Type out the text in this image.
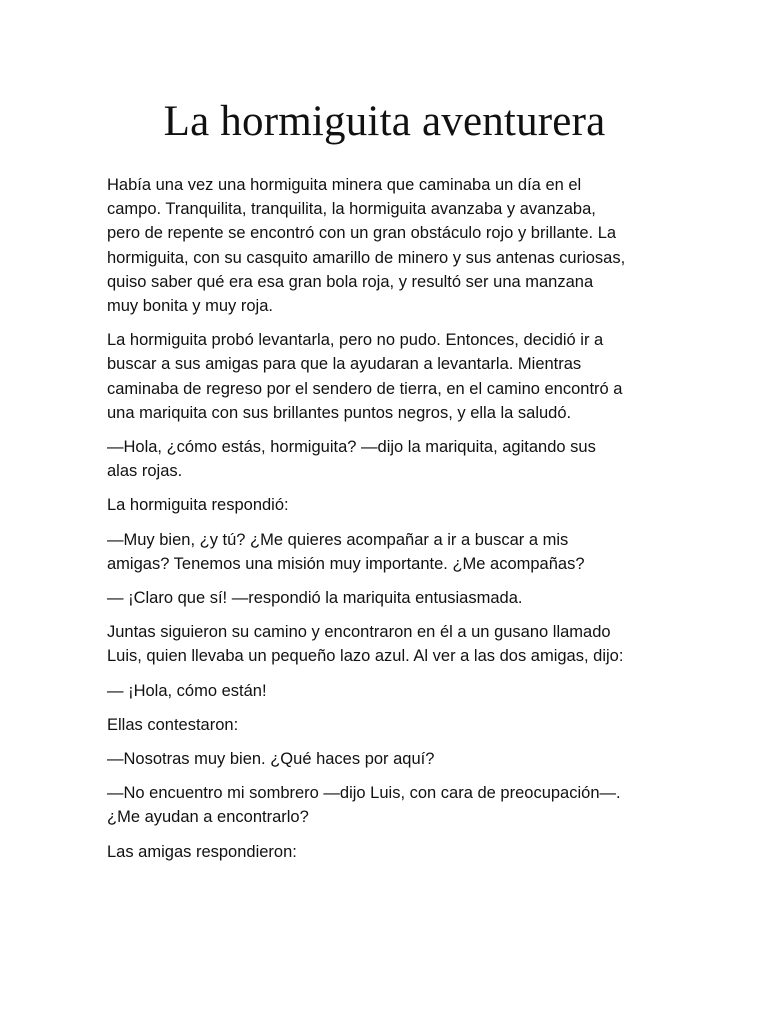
La hormiguita aventurera

Había una vez una hormiguita minera que caminaba un día en el
campo. Tranquilita, tranquilita, la hormiguita avanzaba y avanzaba,
pero de repente se encontró con un gran obstáculo rojo y brillante. La
hormiguita, con su casquito amarillo de minero y sus antenas curiosas,
quiso saber qué era esa gran bola roja, y resultó ser una manzana
muy bonita y muy roja.

La hormiguita probó levantarla, pero no pudo. Entonces, decidió ir a
buscar a sus amigas para que la ayudaran a levantarla. Mientras
caminaba de regreso por el sendero de tierra, en el camino encontró a
una mariquita con sus brillantes puntos negros, y ella la saludó.

—Hola, ¿cómo estás, hormiguita? —dijo la mariquita, agitando sus
alas rojas.

La hormiguita respondió:

—Muy bien, ¿y tú? ¿Me quieres acompañar a ir a buscar a mis
amigas? Tenemos una misión muy importante. ¿Me acompañas?

— ¡Claro que sí! —respondió la mariquita entusiasmada.

Juntas siguieron su camino y encontraron en él a un gusano llamado
Luis, quien llevaba un pequeño lazo azul. Al ver a las dos amigas, dijo:

— ¡Hola, cómo están!

Ellas contestaron:

—Nosotras muy bien. ¿Qué haces por aquí?

—No encuentro mi sombrero —dijo Luis, con cara de preocupación—.
¿Me ayudan a encontrarlo?

Las amigas respondieron:
